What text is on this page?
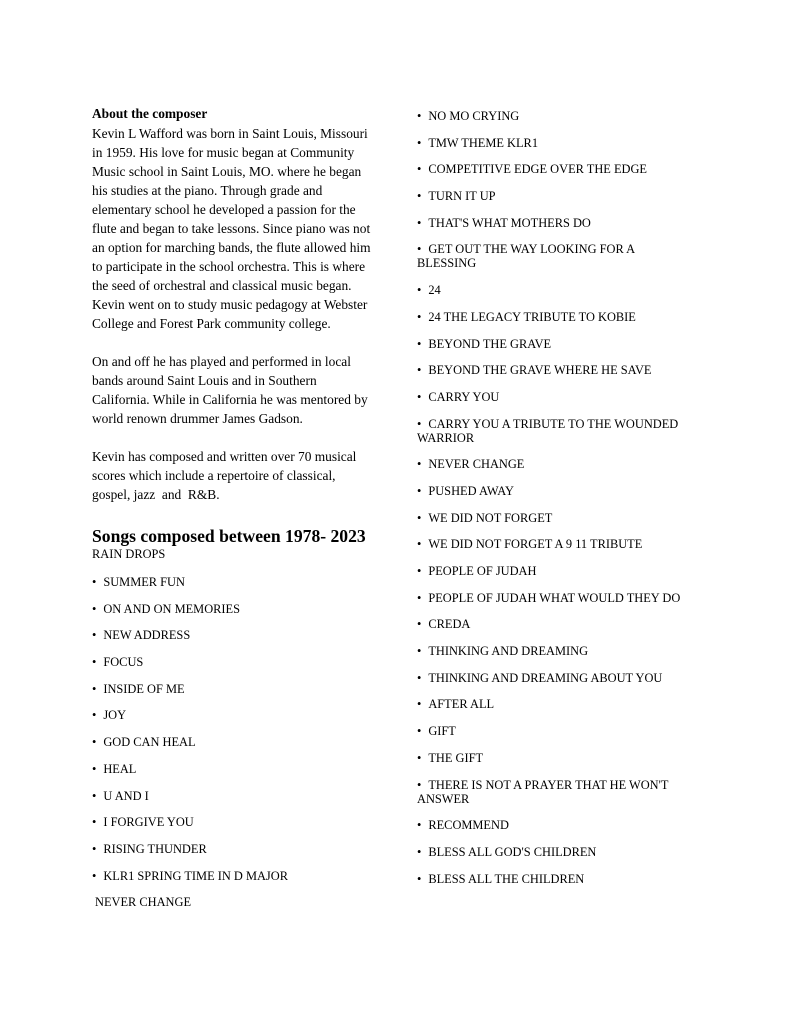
About the composer

Kevin L Wafford was born in Saint Louis, Missouri in 1959. His love for music began at Community Music school in Saint Louis, MO. where he began his studies at the piano. Through grade and elementary school he developed a passion for the flute and began to take lessons. Since piano was not an option for marching bands, the flute allowed him to participate in the school orchestra. This is where the seed of orchestral and classical music began. Kevin went on to study music pedagogy at Webster College and Forest Park community college.

On and off he has played and performed in local bands around Saint Louis and in Southern California. While in California he was mentored by world renown drummer James Gadson.

Kevin has composed and written over 70 musical scores which include a repertoire of classical, gospel, jazz  and  R&B.

Songs composed between 1978- 2023
RAIN DROPS
• SUMMER FUN
• ON AND ON MEMORIES
• NEW ADDRESS
• FOCUS
• INSIDE OF ME
• JOY
• GOD CAN HEAL
• HEAL
• U AND I
• I FORGIVE YOU
• RISING THUNDER
• KLR1 SPRING TIME IN D MAJOR
NEVER CHANGE
• NO MO CRYING
• TMW THEME KLR1
• COMPETITIVE EDGE OVER THE EDGE
• TURN IT UP
• THAT'S WHAT MOTHERS DO
• GET OUT THE WAY LOOKING FOR A BLESSING
• 24
• 24 THE LEGACY TRIBUTE TO KOBIE
• BEYOND THE GRAVE
• BEYOND THE GRAVE WHERE HE SAVE
• CARRY YOU
• CARRY YOU A TRIBUTE TO THE WOUNDED WARRIOR
• NEVER CHANGE
• PUSHED AWAY
• WE DID NOT FORGET
• WE DID NOT FORGET A 9 11 TRIBUTE
• PEOPLE OF JUDAH
• PEOPLE OF JUDAH WHAT WOULD THEY DO
• CREDA
• THINKING AND DREAMING
• THINKING AND DREAMING ABOUT YOU
• AFTER ALL
• GIFT
• THE GIFT
• THERE IS NOT A PRAYER THAT HE WON'T ANSWER
• RECOMMEND
• BLESS ALL GOD'S CHILDREN
• BLESS ALL THE CHILDREN
